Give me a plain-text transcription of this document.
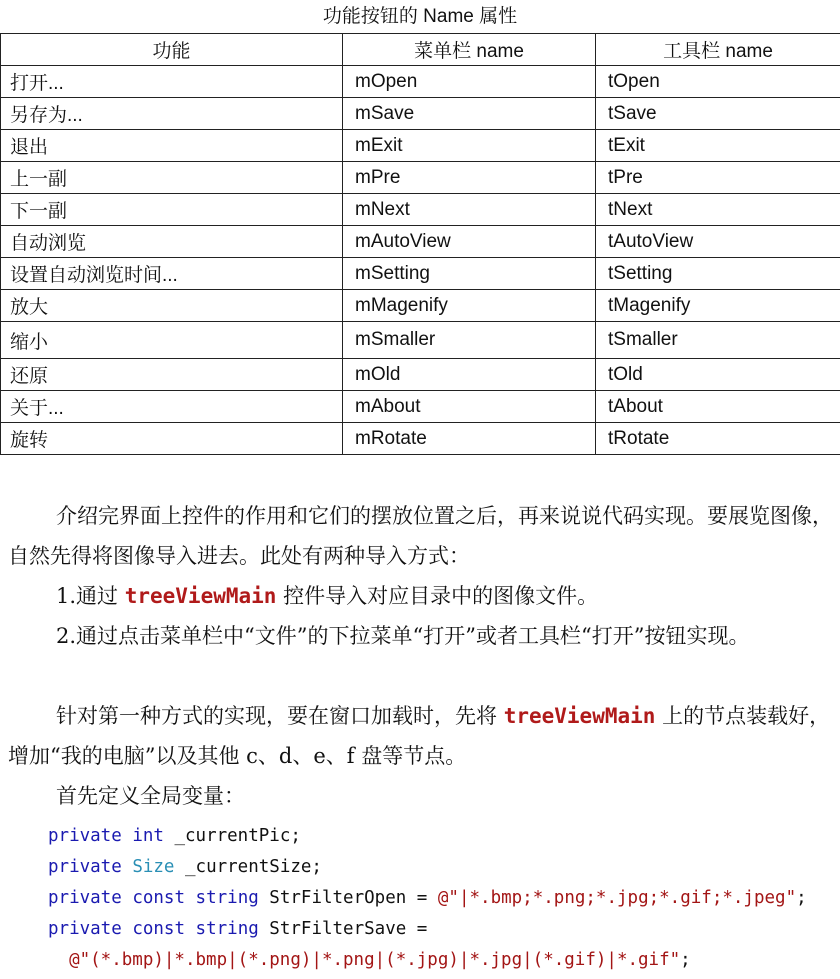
功能按钮的 Name 属性
功能	菜单栏 name	工具栏 name
打开...	mOpen	tOpen
另存为...	mSave	tSave
退出	mExit	tExit
上一副	mPre	tPre
下一副	mNext	tNext
自动浏览	mAutoView	tAutoView
设置自动浏览时间...	mSetting	tSetting
放大	mMagenify	tMagenify
缩小	mSmaller	tSmaller
还原	mOld	tOld
关于...	mAbout	tAbout
旋转	mRotate	tRotate

介绍完界面上控件的作用和它们的摆放位置之后，再来说说代码实现。要展览图像，自然先得将图像导入进去。此处有两种导入方式：

1.通过 treeViewMain 控件导入对应目录中的图像文件。

2.通过点击菜单栏中“文件”的下拉菜单“打开”或者工具栏“打开”按钮实现。

针对第一种方式的实现，要在窗口加载时，先将 treeViewMain 上的节点装载好，增加“我的电脑”以及其他 c、d、e、f 盘等节点。

首先定义全局变量：

private int _currentPic;
private Size _currentSize;
private const string StrFilterOpen = @"|*.bmp;*.png;*.jpg;*.gif;*.jpeg";
private const string StrFilterSave =
@"(*.bmp)|*.bmp|(*.png)|*.png|(*.jpg)|*.jpg|(*.gif)|*.gif";
